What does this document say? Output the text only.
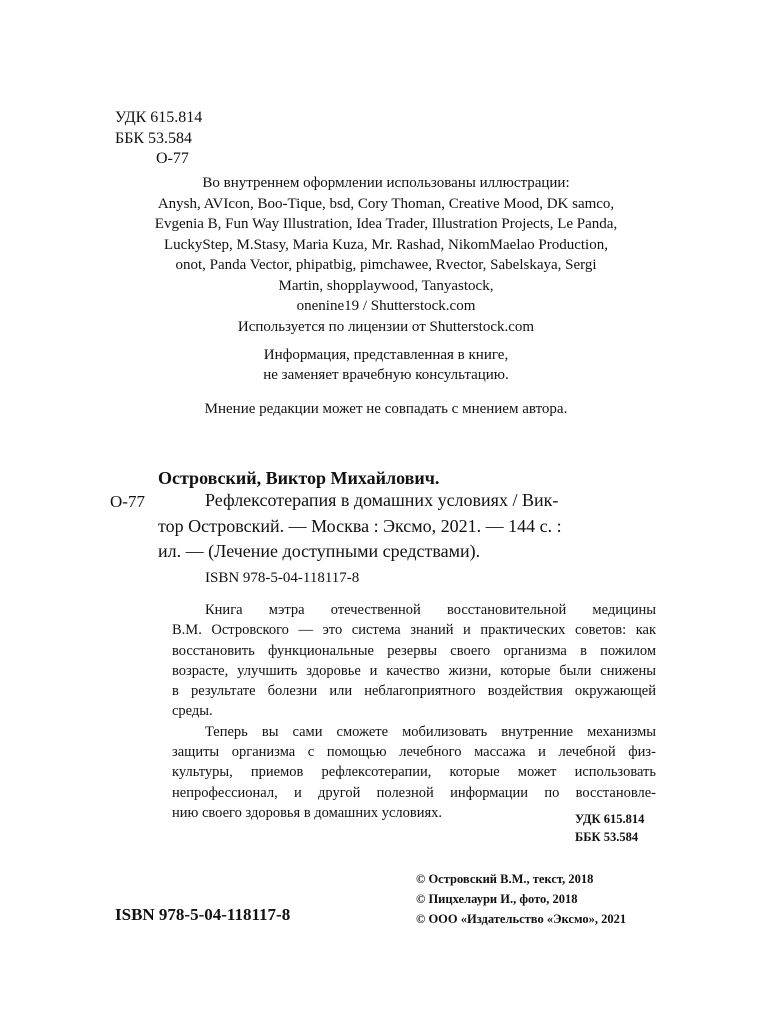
УДК 615.814
ББК 53.584
О-77
Во внутреннем оформлении использованы иллюстрации:
Anysh, AVIcon, Boo-Tique, bsd, Cory Thoman, Creative Mood, DK samco,
Evgenia B, Fun Way Illustration, Idea Trader, Illustration Projects, Le Panda,
LuckyStep, M.Stasy, Maria Kuza, Mr. Rashad, NikomMaelao Production,
onot, Panda Vector, phipatbig, pimchawee, Rvector, Sabelskaya, Sergi
Martin, shopplaywood, Tanyastock,
onenine19 / Shutterstock.com
Используется по лицензии от Shutterstock.com
Информация, представленная в книге,
не заменяет врачебную консультацию.
Мнение редакции может не совпадать с мнением автора.
Островский, Виктор Михайлович.
О-77	Рефлексотерапия в домашних условиях / Вик-
тор Островский. — Москва : Эксмо, 2021. — 144 с. :
ил. — (Лечение доступными средствами).
ISBN 978-5-04-118117-8
Книга мэтра отечественной восстановительной медицины
В.М. Островского — это система знаний и практических советов: как
восстановить функциональные резервы своего организма в пожилом
возрасте, улучшить здоровье и качество жизни, которые были снижены
в результате болезни или неблагоприятного воздействия окружающей
среды.
Теперь вы сами сможете мобилизовать внутренние механизмы
защиты организма с помощью лечебного массажа и лечебной физ-
культуры, приемов рефлексотерапии, которые может использовать
непрофессионал, и другой полезной информации по восстановле-
нию своего здоровья в домашних условиях.	УДК 615.814
ББК 53.584
© Островский В.М., текст, 2018
© Пицхелаури И., фото, 2018
© ООО «Издательство «Эксмо», 2021
ISBN 978-5-04-118117-8
